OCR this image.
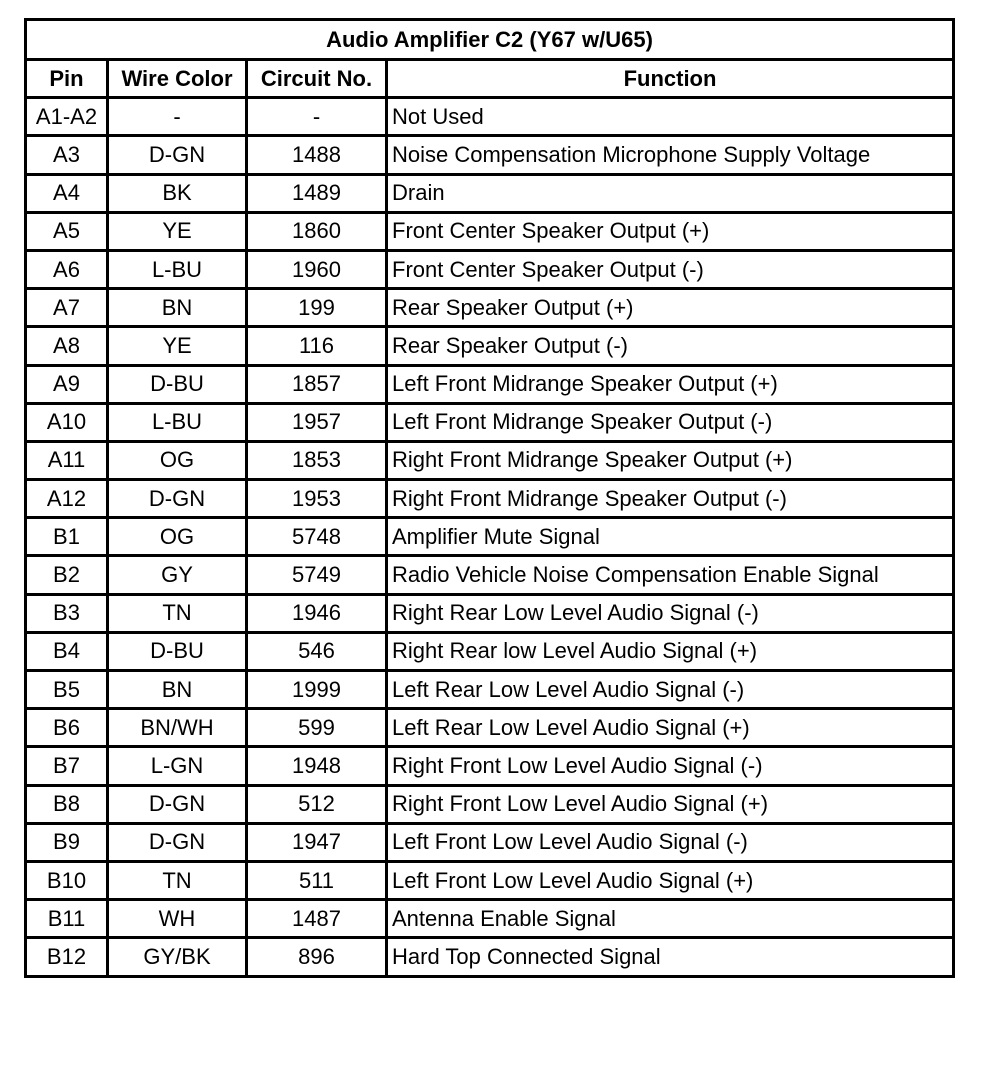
Audio Amplifier C2 (Y67 w/U65)			
Pin	Wire Color	Circuit No.	Function
A1-A2	-	-	Not Used
A3	D-GN	1488	Noise Compensation Microphone Supply Voltage
A4	BK	1489	Drain
A5	YE	1860	Front Center Speaker Output (+)
A6	L-BU	1960	Front Center Speaker Output (-)
A7	BN	199	Rear Speaker Output (+)
A8	YE	116	Rear Speaker Output (-)
A9	D-BU	1857	Left Front Midrange Speaker Output (+)
A10	L-BU	1957	Left Front Midrange Speaker Output (-)
A11	OG	1853	Right Front Midrange Speaker Output (+)
A12	D-GN	1953	Right Front Midrange Speaker Output (-)
B1	OG	5748	Amplifier Mute Signal
B2	GY	5749	Radio Vehicle Noise Compensation Enable Signal
B3	TN	1946	Right Rear Low Level Audio Signal (-)
B4	D-BU	546	Right Rear low Level Audio Signal (+)
B5	BN	1999	Left Rear Low Level Audio Signal (-)
B6	BN/WH	599	Left Rear Low Level Audio Signal (+)
B7	L-GN	1948	Right Front Low Level Audio Signal (-)
B8	D-GN	512	Right Front Low Level Audio Signal (+)
B9	D-GN	1947	Left Front Low Level Audio Signal (-)
B10	TN	511	Left Front Low Level Audio Signal (+)
B11	WH	1487	Antenna Enable Signal
B12	GY/BK	896	Hard Top Connected Signal
